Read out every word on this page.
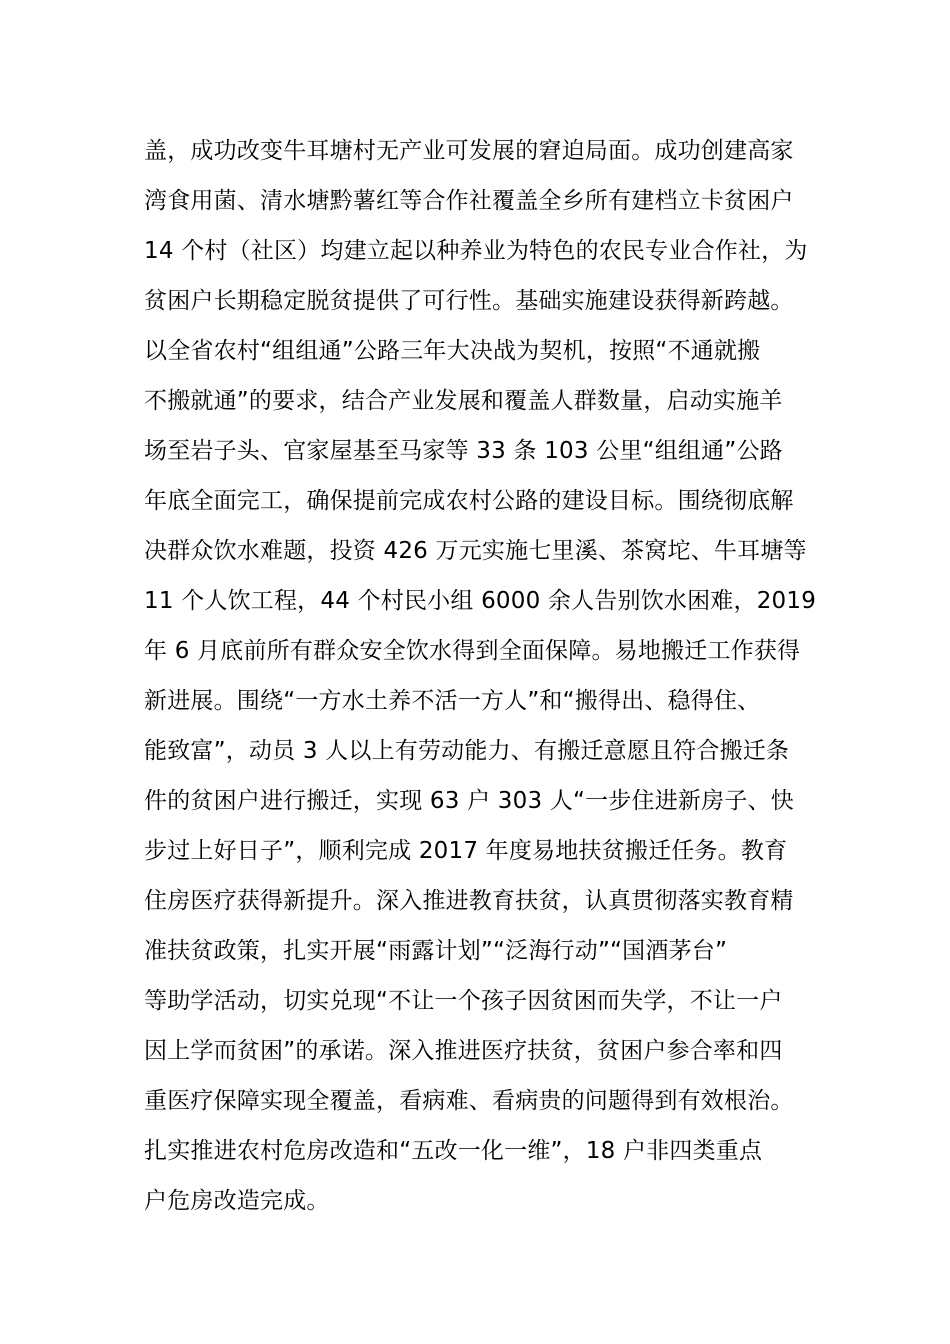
盖，成功改变牛耳塘村无产业可发展的窘迫局面。成功创建高家
湾食用菌、清水塘黔薯红等合作社覆盖全乡所有建档立卡贫困户
14 个村（社区）均建立起以种养业为特色的农民专业合作社，为
贫困户长期稳定脱贫提供了可行性。基础实施建设获得新跨越。
以全省农村“组组通”公路三年大决战为契机，按照“不通就搬
不搬就通”的要求，结合产业发展和覆盖人群数量，启动实施羊
场至岩子头、官家屋基至马家等 33 条 103 公里“组组通”公路
年底全面完工，确保提前完成农村公路的建设目标。围绕彻底解
决群众饮水难题，投资 426 万元实施七里溪、茶窝坨、牛耳塘等
11 个人饮工程，44 个村民小组 6000 余人告别饮水困难，2019
年 6 月底前所有群众安全饮水得到全面保障。易地搬迁工作获得
新进展。围绕“一方水土养不活一方人”和“搬得出、稳得住、
能致富”，动员 3 人以上有劳动能力、有搬迁意愿且符合搬迁条
件的贫困户进行搬迁，实现 63 户 303 人“一步住进新房子、快
步过上好日子”，顺利完成 2017 年度易地扶贫搬迁任务。教育
住房医疗获得新提升。深入推进教育扶贫，认真贯彻落实教育精
准扶贫政策，扎实开展“雨露计划”“泛海行动”“国酒茅台”
等助学活动，切实兑现“不让一个孩子因贫困而失学，不让一户
因上学而贫困”的承诺。深入推进医疗扶贫，贫困户参合率和四
重医疗保障实现全覆盖，看病难、看病贵的问题得到有效根治。
扎实推进农村危房改造和“五改一化一维”，18 户非四类重点
户危房改造完成。
